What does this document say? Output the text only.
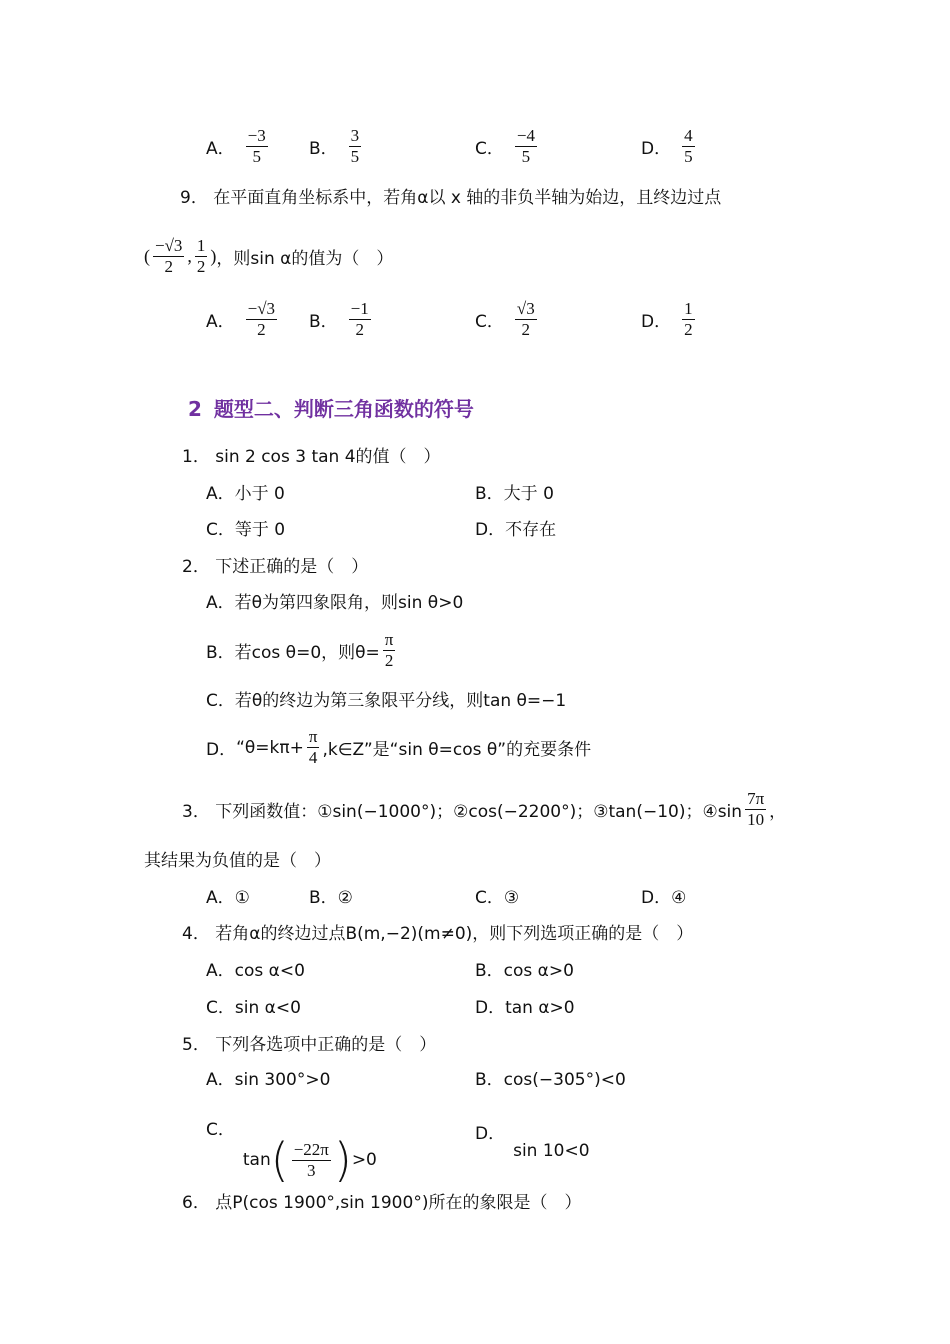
A． $\frac{-3}{5}$ B． $\frac{3}{5}$	C． $\frac{-4}{5}$	D． $\frac{4}{5}$
9． 在平面直角坐标系中，若角α以 x 轴的非负半轴为始边，且终边过点
( $\frac{-√3}{2}$ , $\frac{1}{2}$ ) ，则sin α的值为（　）
A． $\frac{-√3}{2}$ B． $\frac{-1}{2}$	C． $\frac{√3}{2}$	D． $\frac{1}{2}$
2 题型二、判断三角函数的符号
1． sin 2 cos 3 tan 4的值（　）
A．小于 0	B．大于 0
C．等于 0	D．不存在
2． 下述正确的是（　）
A．若θ为第四象限角，则sin θ>0
B． 若cos θ=0，则$\theta= \frac{\pi}{2}$
C．若θ的终边为第三象限平分线，则tan θ=−1
D． “$\theta=k\pi+ \frac{\pi}{4}$ ,k∈Z”是“sin θ=cos θ”的充要条件
3．
下列函数值：①sin(−1000°)；②cos(−2200°)；③tan(−10)；④sin $\frac{7\pi}{10}$ ，
其结果为负值的是（　）
A．①	B．②	C．③	D．④
4． 若角α的终边过点B(m,−2)(m≠0)，则下列选项正确的是（　）
A．cos α<0	B．cos α>0
C．sin α<0	D．tan α>0
5． 下列各选项中正确的是（　）
A．sin 300°>0	B．cos(−305°)<0
C．
tan ( $\frac{-22\pi}{3}$ ) >0
D．
sin 10<0
6． 点P(cos 1900°,sin 1900°)所在的象限是（　）
